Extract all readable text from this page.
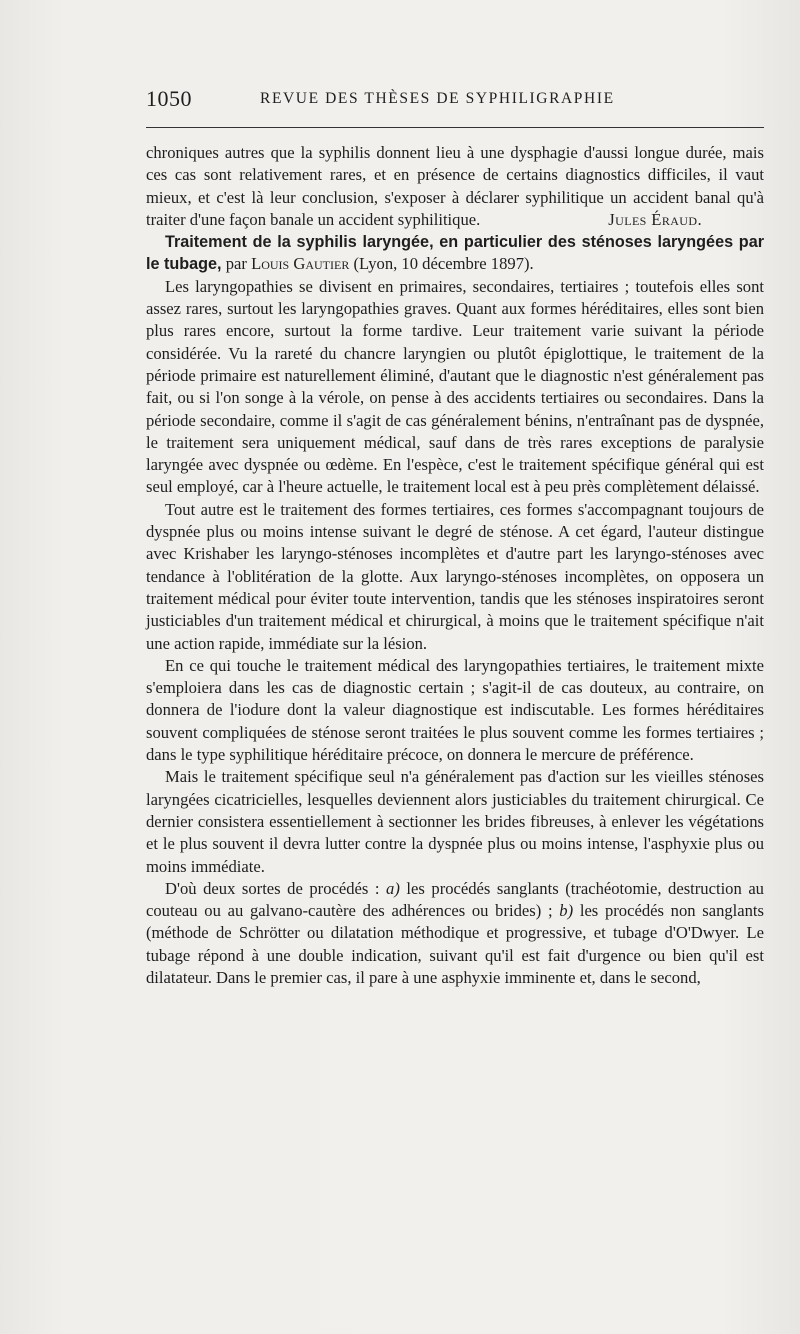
1050	REVUE DES THÈSES DE SYPHILIGRAPHIE

chroniques autres que la syphilis donnent lieu à une dysphagie d'aussi longue durée, mais ces cas sont relativement rares, et en présence de certains diagnostics difficiles, il vaut mieux, et c'est là leur conclusion, s'exposer à déclarer syphilitique un accident banal qu'à traiter d'une façon banale un accident syphilitique.	Jules Éraud.

Traitement de la syphilis laryngée, en particulier des sténoses laryngées par le tubage, par Louis Gautier (Lyon, 10 décembre 1897).

Les laryngopathies se divisent en primaires, secondaires, tertiaires ; toutefois elles sont assez rares, surtout les laryngopathies graves. Quant aux formes héréditaires, elles sont bien plus rares encore, surtout la forme tardive. Leur traitement varie suivant la période considérée. Vu la rareté du chancre laryngien ou plutôt épiglottique, le traitement de la période primaire est naturellement éliminé, d'autant que le diagnostic n'est généralement pas fait, ou si l'on songe à la vérole, on pense à des accidents tertiaires ou secondaires. Dans la période secondaire, comme il s'agit de cas généralement bénins, n'entraînant pas de dyspnée, le traitement sera uniquement médical, sauf dans de très rares exceptions de paralysie laryngée avec dyspnée ou œdème. En l'espèce, c'est le traitement spécifique général qui est seul employé, car à l'heure actuelle, le traitement local est à peu près complètement délaissé.

Tout autre est le traitement des formes tertiaires, ces formes s'accompagnant toujours de dyspnée plus ou moins intense suivant le degré de sténose. A cet égard, l'auteur distingue avec Krishaber les laryngo-sténoses incomplètes et d'autre part les laryngo-sténoses avec tendance à l'oblitération de la glotte. Aux laryngo-sténoses incomplètes, on opposera un traitement médical pour éviter toute intervention, tandis que les sténoses inspiratoires seront justiciables d'un traitement médical et chirurgical, à moins que le traitement spécifique n'ait une action rapide, immédiate sur la lésion.

En ce qui touche le traitement médical des laryngopathies tertiaires, le traitement mixte s'emploiera dans les cas de diagnostic certain ; s'agit-il de cas douteux, au contraire, on donnera de l'iodure dont la valeur diagnostique est indiscutable. Les formes héréditaires souvent compliquées de sténose seront traitées le plus souvent comme les formes tertiaires ; dans le type syphilitique héréditaire précoce, on donnera le mercure de préférence.

Mais le traitement spécifique seul n'a généralement pas d'action sur les vieilles sténoses laryngées cicatricielles, lesquelles deviennent alors justiciables du traitement chirurgical. Ce dernier consistera essentiellement à sectionner les brides fibreuses, à enlever les végétations et le plus souvent il devra lutter contre la dyspnée plus ou moins intense, l'asphyxie plus ou moins immédiate.

D'où deux sortes de procédés : a) les procédés sanglants (trachéotomie, destruction au couteau ou au galvano-cautère des adhérences ou brides) ; b) les procédés non sanglants (méthode de Schrötter ou dilatation méthodique et progressive, et tubage d'O'Dwyer. Le tubage répond à une double indication, suivant qu'il est fait d'urgence ou bien qu'il est dilatateur. Dans le premier cas, il pare à une asphyxie imminente et, dans le second,
